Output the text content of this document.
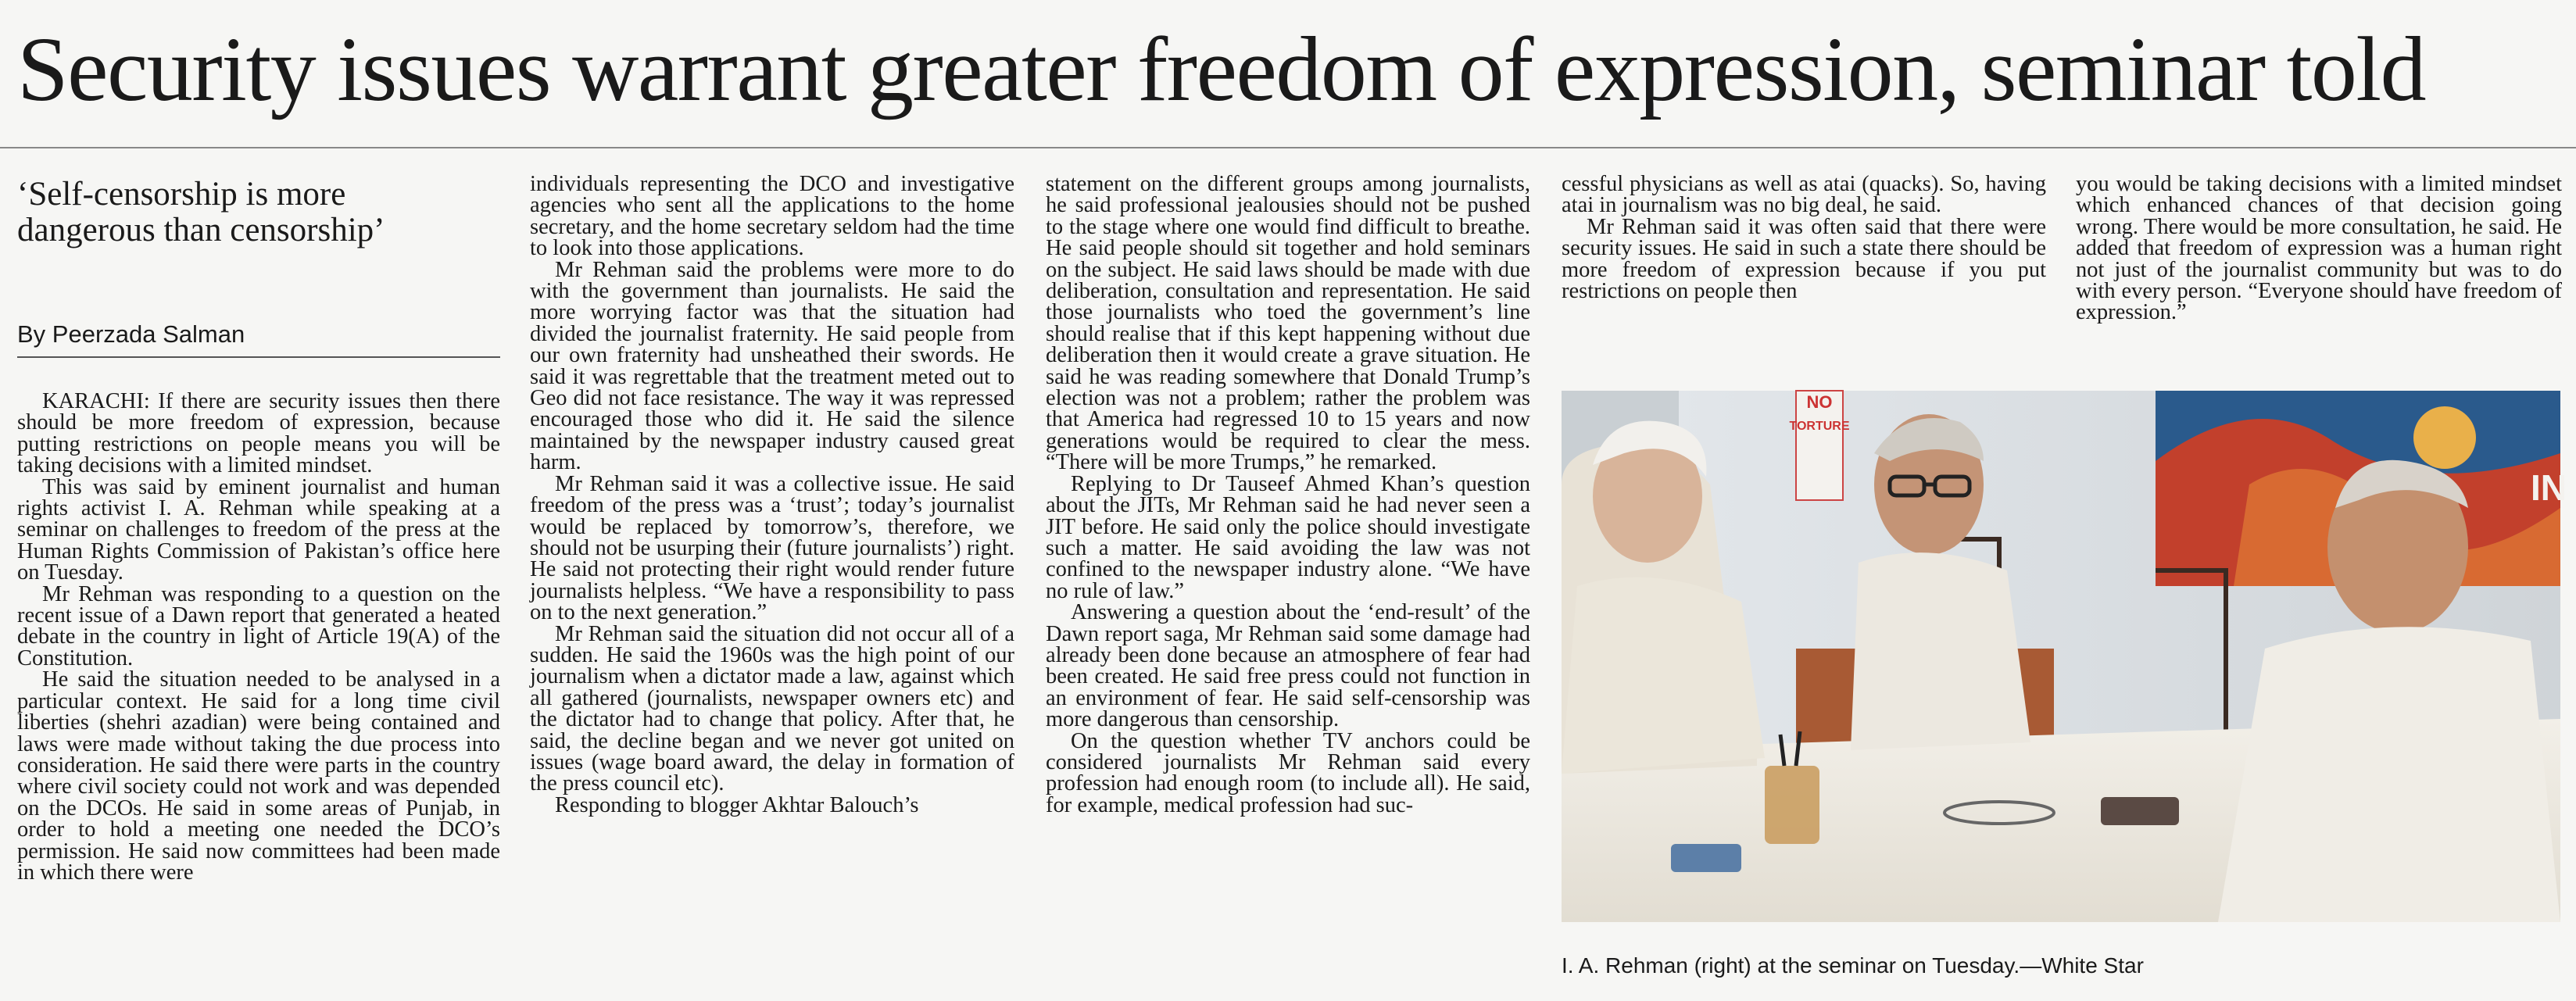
Security issues warrant greater freedom of expression, seminar told
‘Self-censorship is more dangerous than censorship’
By Peerzada Salman

KARACHI: If there are security issues then there should be more freedom of expression, because putting restrictions on people means you will be taking decisions with a limited mindset.

This was said by eminent journalist and human rights activist I. A. Rehman while speaking at a seminar on challenges to freedom of the press at the Human Rights Commission of Pakistan’s office here on Tuesday.

Mr Rehman was responding to a question on the recent issue of a Dawn report that generated a heated debate in the country in light of Article 19(A) of the Constitution.

He said the situation needed to be analysed in a particular context. He said for a long time civil liberties (shehri azadian) were being contained and laws were made without taking the due process into consideration. He said there were parts in the country where civil society could not work and was depended on the DCOs. He said in some areas of Punjab, in order to hold a meeting one needed the DCO’s permission. He said now committees had been made in which there were

individuals representing the DCO and investigative agencies who sent all the applications to the home secretary, and the home secretary seldom had the time to look into those applications.

Mr Rehman said the problems were more to do with the government than journalists. He said the more worrying factor was that the situation had divided the journalist fraternity. He said people from our own fraternity had unsheathed their swords. He said it was regrettable that the treatment meted out to Geo did not face resistance. The way it was repressed encouraged those who did it. He said the silence maintained by the newspaper industry caused great harm.

Mr Rehman said it was a collective issue. He said freedom of the press was a ‘trust’; today’s journalist would be replaced by tomorrow’s, therefore, we should not be usurping their (future journalists’) right. He said not protecting their right would render future journalists helpless. “We have a responsibility to pass on to the next generation.”

Mr Rehman said the situation did not occur all of a sudden. He said the 1960s was the high point of our journalism when a dictator made a law, against which all gathered (journalists, newspaper owners etc) and the dictator had to change that policy. After that, he said, the decline began and we never got united on issues (wage board award, the delay in formation of the press council etc).

Responding to blogger Akhtar Balouch’s

statement on the different groups among journalists, he said professional jealousies should not be pushed to the stage where one would find difficult to breathe. He said people should sit together and hold seminars on the subject. He said laws should be made with due deliberation, consultation and representation. He said those journalists who toed the government’s line should realise that if this kept happening without due deliberation then it would create a grave situation. He said he was reading somewhere that Donald Trump’s election was not a problem; rather the problem was that America had regressed 10 to 15 years and now generations would be required to clear the mess. “There will be more Trumps,” he remarked.

Replying to Dr Tauseef Ahmed Khan’s question about the JITs, Mr Rehman said he had never seen a JIT before. He said only the police should investigate such a matter. He said avoiding the law was not confined to the newspaper industry alone. “We have no rule of law.”

Answering a question about the ‘end-result’ of the Dawn report saga, Mr Rehman said some damage had already been done because an atmosphere of fear had been created. He said free press could not function in an environment of fear. He said self-censorship was more dangerous than censorship.

On the question whether TV anchors could be considered journalists Mr Rehman said every profession had enough room (to include all). He said, for example, medical profession had suc-

cessful physicians as well as atai (quacks). So, having atai in journalism was no big deal, he said.

Mr Rehman said it was often said that there were security issues. He said in such a state there should be more freedom of expression because if you put restrictions on people then

you would be taking decisions with a limited mindset which enhanced chances of that decision going wrong. There would be more consultation, he said. He added that freedom of expression was a human right not just of the journalist community but was to do with every person. “Everyone should have freedom of expression.”

NO
TORTURE
IN
I. A. Rehman (right) at the seminar on Tuesday.—White Star
